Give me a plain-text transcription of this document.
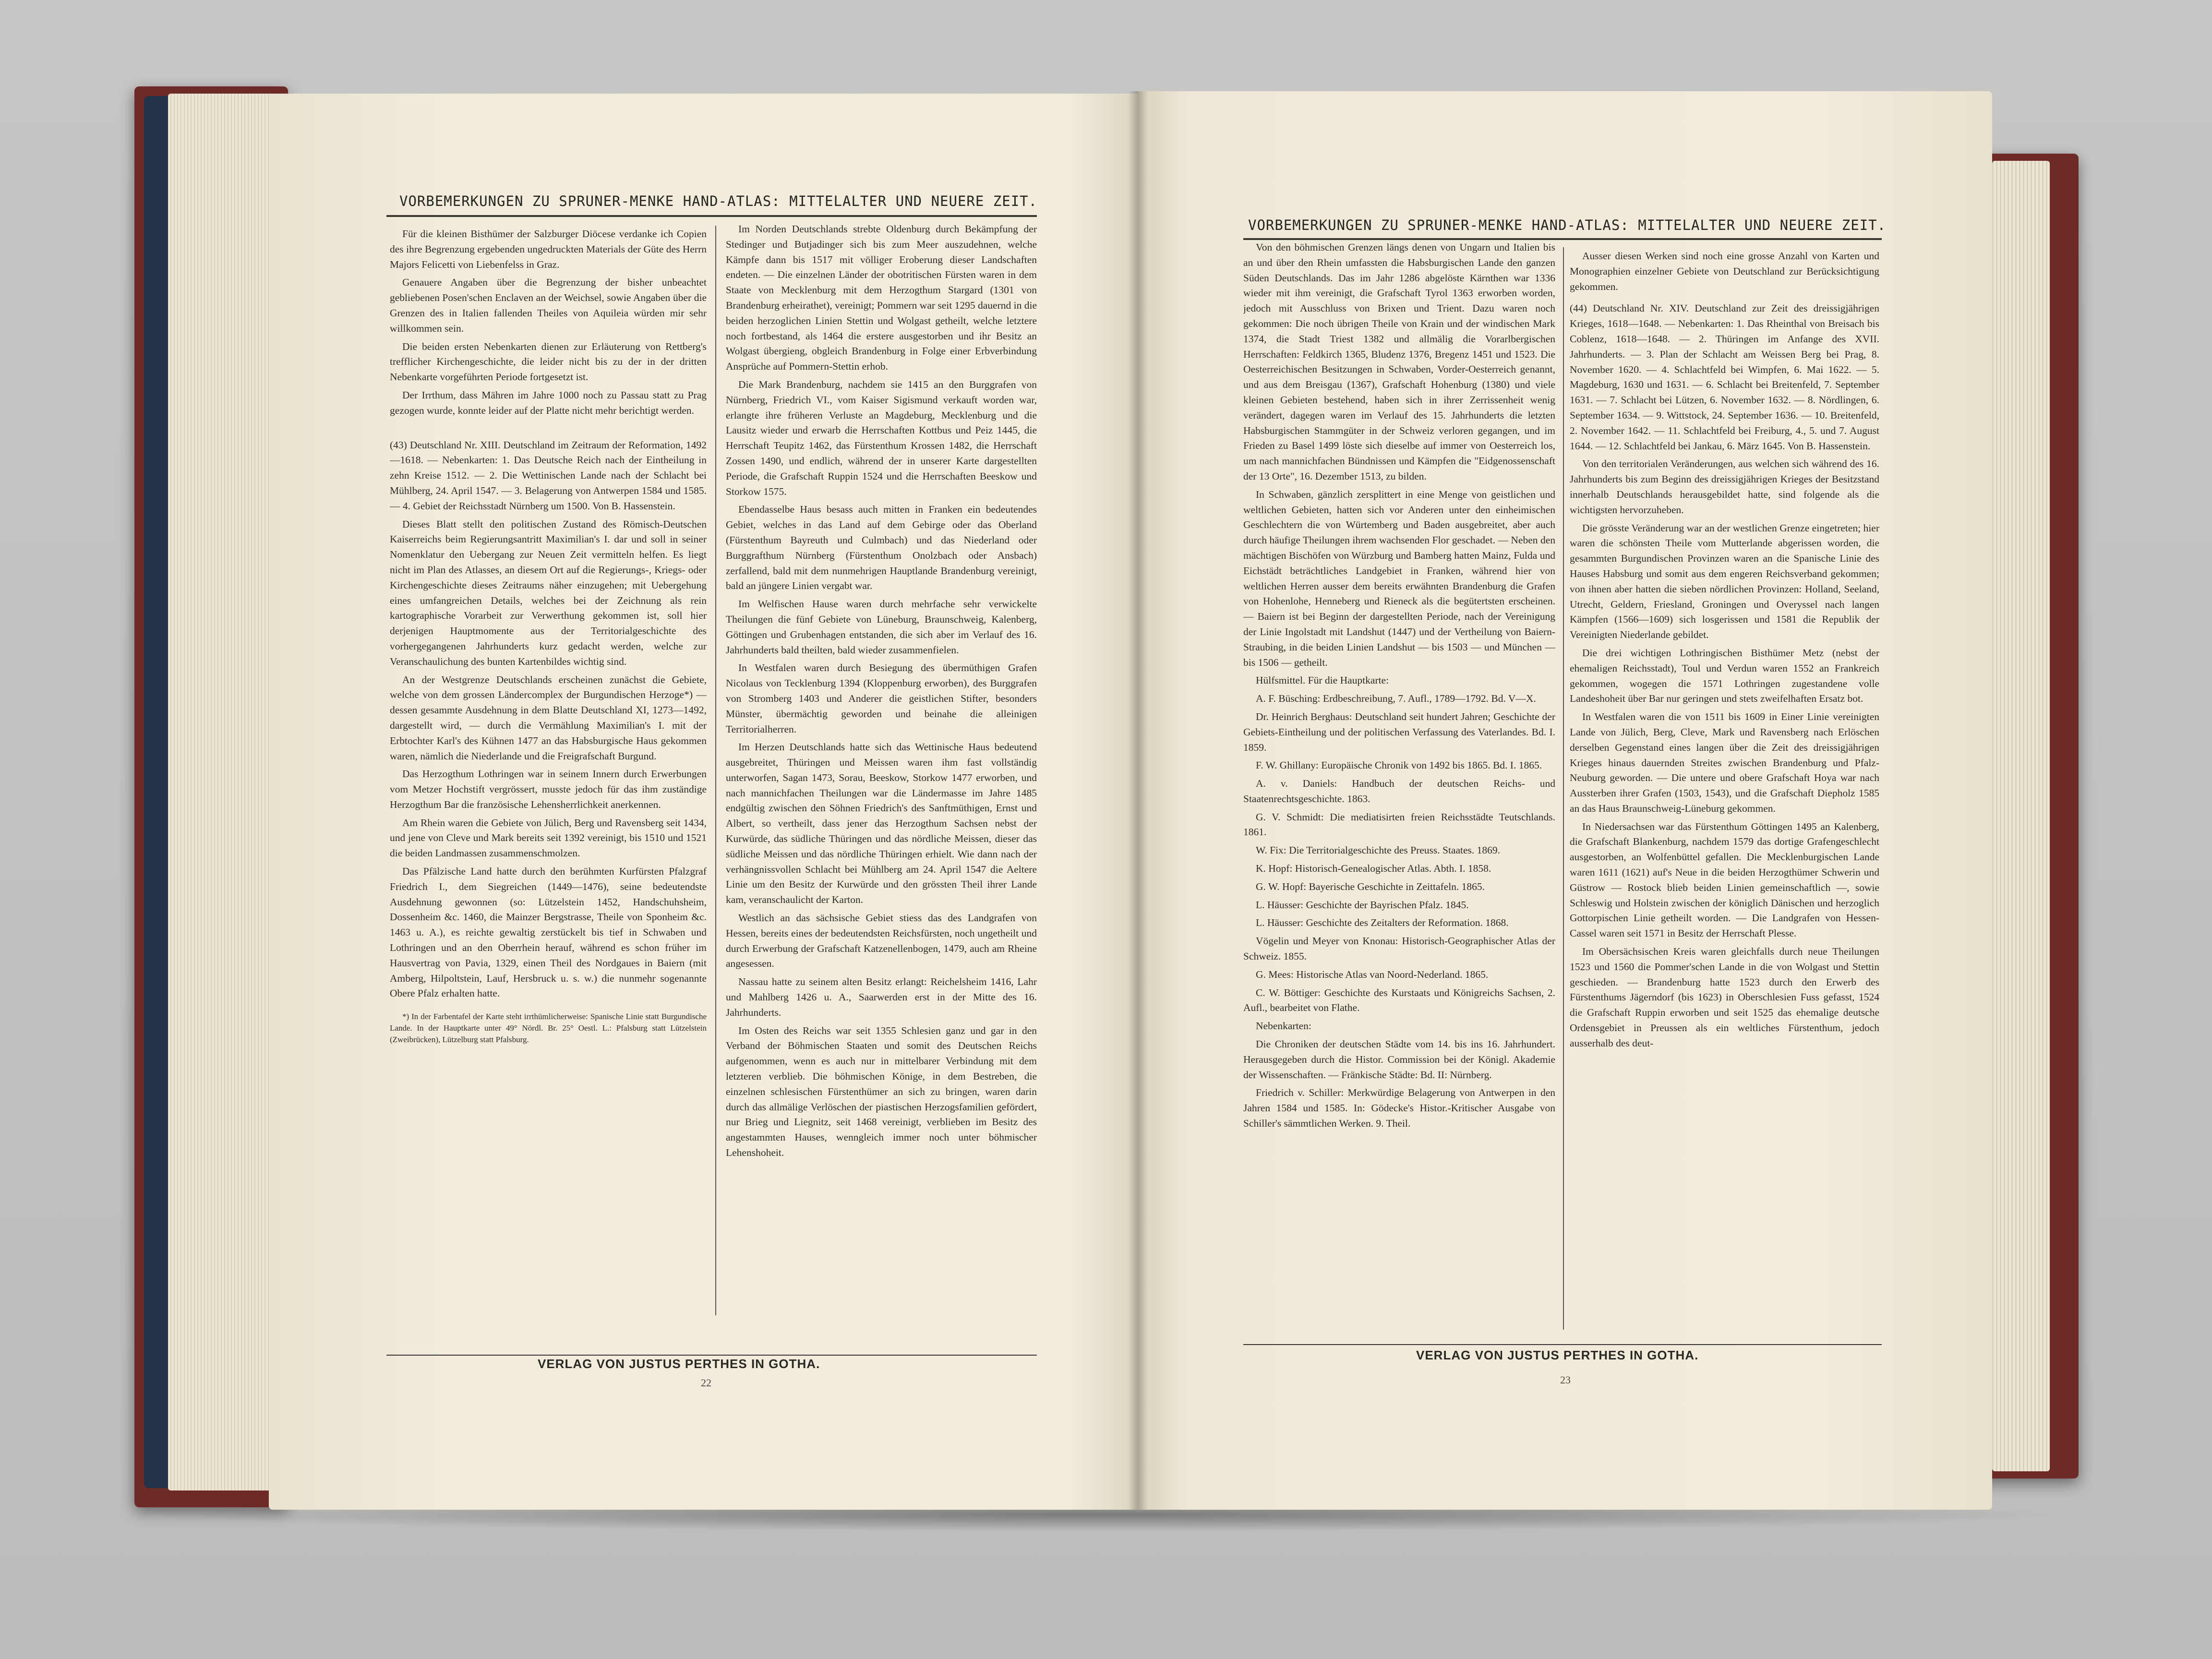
VORBEMERKUNGEN ZU SPRUNER-MENKE HAND-ATLAS: MITTELALTER UND NEUERE ZEIT.

Für die kleinen Bisthümer der Salzburger Diöcese verdanke ich Copien des ihre Begrenzung ergebenden ungedruckten Materials der Güte des Herrn Majors Felicetti von Liebenfelss in Graz.

Genauere Angaben über die Begrenzung der bisher unbeachtet gebliebenen Posen'schen Enclaven an der Weichsel, sowie Angaben über die Grenzen des in Italien fallenden Theiles von Aquileia würden mir sehr willkommen sein.

Die beiden ersten Nebenkarten dienen zur Erläuterung von Rettberg's trefflicher Kirchengeschichte, die leider nicht bis zu der in der dritten Nebenkarte vorgeführten Periode fortgesetzt ist.

Der Irrthum, dass Mähren im Jahre 1000 noch zu Passau statt zu Prag gezogen wurde, konnte leider auf der Platte nicht mehr berichtigt werden.

(43) Deutschland Nr. XIII. Deutschland im Zeitraum der Reformation, 1492—1618. — Nebenkarten: 1. Das Deutsche Reich nach der Eintheilung in zehn Kreise 1512. — 2. Die Wettinischen Lande nach der Schlacht bei Mühlberg, 24. April 1547. — 3. Belagerung von Antwerpen 1584 und 1585. — 4. Gebiet der Reichsstadt Nürnberg um 1500. Von B. Hassenstein.

Dieses Blatt stellt den politischen Zustand des Römisch-Deutschen Kaiserreichs beim Regierungsantritt Maximilian's I. dar und soll in seiner Nomenklatur den Uebergang zur Neuen Zeit vermitteln helfen. Es liegt nicht im Plan des Atlasses, an diesem Ort auf die Regierungs-, Kriegs- oder Kirchengeschichte dieses Zeitraums näher einzugehen; mit Uebergehung eines umfangreichen Details, welches bei der Zeichnung als rein kartographische Vorarbeit zur Verwerthung gekommen ist, soll hier derjenigen Hauptmomente aus der Territorialgeschichte des vorhergegangenen Jahrhunderts kurz gedacht werden, welche zur Veranschaulichung des bunten Kartenbildes wichtig sind.

An der Westgrenze Deutschlands erscheinen zunächst die Gebiete, welche von dem grossen Ländercomplex der Burgundischen Herzoge*) — dessen gesammte Ausdehnung in dem Blatte Deutschland XI, 1273—1492, dargestellt wird, — durch die Vermählung Maximilian's I. mit der Erbtochter Karl's des Kühnen 1477 an das Habsburgische Haus gekommen waren, nämlich die Niederlande und die Freigrafschaft Burgund.

Das Herzogthum Lothringen war in seinem Innern durch Erwerbungen vom Metzer Hochstift vergrössert, musste jedoch für das ihm zuständige Herzogthum Bar die französische Lehensherrlichkeit anerkennen.

Am Rhein waren die Gebiete von Jülich, Berg und Ravensberg seit 1434, und jene von Cleve und Mark bereits seit 1392 vereinigt, bis 1510 und 1521 die beiden Landmassen zusammenschmolzen.

Das Pfälzische Land hatte durch den berühmten Kurfürsten Pfalzgraf Friedrich I., dem Siegreichen (1449—1476), seine bedeutendste Ausdehnung gewonnen (so: Lützelstein 1452, Handschuhsheim, Dossenheim &c. 1460, die Mainzer Bergstrasse, Theile von Sponheim &c. 1463 u. A.), es reichte gewaltig zerstückelt bis tief in Schwaben und Lothringen und an den Oberrhein herauf, während es schon früher im Hausvertrag von Pavia, 1329, einen Theil des Nordgaues in Baiern (mit Amberg, Hilpoltstein, Lauf, Hersbruck u. s. w.) die nunmehr sogenannte Obere Pfalz erhalten hatte.

*) In der Farbentafel der Karte steht irrthümlicherweise: Spanische Linie statt Burgundische Lande. In der Hauptkarte unter 49° Nördl. Br. 25° Oestl. L.: Pfalsburg statt Lützelstein (Zweibrücken), Lützelburg statt Pfalsburg.

Im Norden Deutschlands strebte Oldenburg durch Bekämpfung der Stedinger und Butjadinger sich bis zum Meer auszudehnen, welche Kämpfe dann bis 1517 mit völliger Eroberung dieser Landschaften endeten. — Die einzelnen Länder der obotritischen Fürsten waren in dem Staate von Mecklenburg mit dem Herzogthum Stargard (1301 von Brandenburg erheirathet), vereinigt; Pommern war seit 1295 dauernd in die beiden herzoglichen Linien Stettin und Wolgast getheilt, welche letztere noch fortbestand, als 1464 die erstere ausgestorben und ihr Besitz an Wolgast übergieng, obgleich Brandenburg in Folge einer Erbverbindung Ansprüche auf Pommern-Stettin erhob.

Die Mark Brandenburg, nachdem sie 1415 an den Burggrafen von Nürnberg, Friedrich VI., vom Kaiser Sigismund verkauft worden war, erlangte ihre früheren Verluste an Magdeburg, Mecklenburg und die Lausitz wieder und erwarb die Herrschaften Kottbus und Peiz 1445, die Herrschaft Teupitz 1462, das Fürstenthum Krossen 1482, die Herrschaft Zossen 1490, und endlich, während der in unserer Karte dargestellten Periode, die Grafschaft Ruppin 1524 und die Herrschaften Beeskow und Storkow 1575.

Ebendasselbe Haus besass auch mitten in Franken ein bedeutendes Gebiet, welches in das Land auf dem Gebirge oder das Oberland (Fürstenthum Bayreuth und Culmbach) und das Niederland oder Burggrafthum Nürnberg (Fürstenthum Onolzbach oder Ansbach) zerfallend, bald mit dem nunmehrigen Hauptlande Brandenburg vereinigt, bald an jüngere Linien vergabt war.

Im Welfischen Hause waren durch mehrfache sehr verwickelte Theilungen die fünf Gebiete von Lüneburg, Braunschweig, Kalenberg, Göttingen und Grubenhagen entstanden, die sich aber im Verlauf des 16. Jahrhunderts bald theilten, bald wieder zusammenfielen.

In Westfalen waren durch Besiegung des übermüthigen Grafen Nicolaus von Tecklenburg 1394 (Kloppenburg erworben), des Burggrafen von Stromberg 1403 und Anderer die geistlichen Stifter, besonders Münster, übermächtig geworden und beinahe die alleinigen Territorialherren.

Im Herzen Deutschlands hatte sich das Wettinische Haus bedeutend ausgebreitet, Thüringen und Meissen waren ihm fast vollständig unterworfen, Sagan 1473, Sorau, Beeskow, Storkow 1477 erworben, und nach mannichfachen Theilungen war die Ländermasse im Jahre 1485 endgültig zwischen den Söhnen Friedrich's des Sanftmüthigen, Ernst und Albert, so vertheilt, dass jener das Herzogthum Sachsen nebst der Kurwürde, das südliche Thüringen und das nördliche Meissen, dieser das südliche Meissen und das nördliche Thüringen erhielt. Wie dann nach der verhängnissvollen Schlacht bei Mühlberg am 24. April 1547 die Aeltere Linie um den Besitz der Kurwürde und den grössten Theil ihrer Lande kam, veranschaulicht der Karton.

Westlich an das sächsische Gebiet stiess das des Landgrafen von Hessen, bereits eines der bedeutendsten Reichsfürsten, noch ungetheilt und durch Erwerbung der Grafschaft Katzenellenbogen, 1479, auch am Rheine angesessen.

Nassau hatte zu seinem alten Besitz erlangt: Reichelsheim 1416, Lahr und Mahlberg 1426 u. A., Saarwerden erst in der Mitte des 16. Jahrhunderts.

Im Osten des Reichs war seit 1355 Schlesien ganz und gar in den Verband der Böhmischen Staaten und somit des Deutschen Reichs aufgenommen, wenn es auch nur in mittelbarer Verbindung mit dem letzteren verblieb. Die böhmischen Könige, in dem Bestreben, die einzelnen schlesischen Fürstenthümer an sich zu bringen, waren darin durch das allmälige Verlöschen der piastischen Herzogsfamilien gefördert, nur Brieg und Liegnitz, seit 1468 vereinigt, verblieben im Besitz des angestammten Hauses, wenngleich immer noch unter böhmischer Lehenshoheit.

VERLAG VON JUSTUS PERTHES IN GOTHA.
22
VORBEMERKUNGEN ZU SPRUNER-MENKE HAND-ATLAS: MITTELALTER UND NEUERE ZEIT.

Von den böhmischen Grenzen längs denen von Ungarn und Italien bis an und über den Rhein umfassten die Habsburgischen Lande den ganzen Süden Deutschlands. Das im Jahr 1286 abgelöste Kärnthen war 1336 wieder mit ihm vereinigt, die Grafschaft Tyrol 1363 erworben worden, jedoch mit Ausschluss von Brixen und Trient. Dazu waren noch gekommen: Die noch übrigen Theile von Krain und der windischen Mark 1374, die Stadt Triest 1382 und allmälig die Vorarlbergischen Herrschaften: Feldkirch 1365, Bludenz 1376, Bregenz 1451 und 1523. Die Oesterreichischen Besitzungen in Schwaben, Vorder-Oesterreich genannt, und aus dem Breisgau (1367), Grafschaft Hohenburg (1380) und viele kleinen Gebieten bestehend, haben sich in ihrer Zerrissenheit wenig verändert, dagegen waren im Verlauf des 15. Jahrhunderts die letzten Habsburgischen Stammgüter in der Schweiz verloren gegangen, und im Frieden zu Basel 1499 löste sich dieselbe auf immer von Oesterreich los, um nach mannichfachen Bündnissen und Kämpfen die "Eidgenossenschaft der 13 Orte", 16. Dezember 1513, zu bilden.

In Schwaben, gänzlich zersplittert in eine Menge von geistlichen und weltlichen Gebieten, hatten sich vor Anderen unter den einheimischen Geschlechtern die von Würtemberg und Baden ausgebreitet, aber auch durch häufige Theilungen ihrem wachsenden Flor geschadet. — Neben den mächtigen Bischöfen von Würzburg und Bamberg hatten Mainz, Fulda und Eichstädt beträchtliches Landgebiet in Franken, während hier von weltlichen Herren ausser dem bereits erwähnten Brandenburg die Grafen von Hohenlohe, Henneberg und Rieneck als die begütertsten erscheinen. — Baiern ist bei Beginn der dargestellten Periode, nach der Vereinigung der Linie Ingolstadt mit Landshut (1447) und der Vertheilung von Baiern-Straubing, in die beiden Linien Landshut — bis 1503 — und München — bis 1506 — getheilt.

Hülfsmittel. Für die Hauptkarte:

A. F. Büsching: Erdbeschreibung, 7. Aufl., 1789—1792. Bd. V—X.

Dr. Heinrich Berghaus: Deutschland seit hundert Jahren; Geschichte der Gebiets-Eintheilung und der politischen Verfassung des Vaterlandes. Bd. I. 1859.

F. W. Ghillany: Europäische Chronik von 1492 bis 1865. Bd. I. 1865.

A. v. Daniels: Handbuch der deutschen Reichs- und Staatenrechtsgeschichte. 1863.

G. V. Schmidt: Die mediatisirten freien Reichsstädte Teutschlands. 1861.

W. Fix: Die Territorialgeschichte des Preuss. Staates. 1869.

K. Hopf: Historisch-Genealogischer Atlas. Abth. I. 1858.

G. W. Hopf: Bayerische Geschichte in Zeittafeln. 1865.

L. Häusser: Geschichte der Bayrischen Pfalz. 1845.

L. Häusser: Geschichte des Zeitalters der Reformation. 1868.

Vögelin und Meyer von Knonau: Historisch-Geographischer Atlas der Schweiz. 1855.

G. Mees: Historische Atlas van Noord-Nederland. 1865.

C. W. Böttiger: Geschichte des Kurstaats und Königreichs Sachsen, 2. Aufl., bearbeitet von Flathe.

Nebenkarten:

Die Chroniken der deutschen Städte vom 14. bis ins 16. Jahrhundert. Herausgegeben durch die Histor. Commission bei der Königl. Akademie der Wissenschaften. — Fränkische Städte: Bd. II: Nürnberg.

Friedrich v. Schiller: Merkwürdige Belagerung von Antwerpen in den Jahren 1584 und 1585. In: Gödecke's Histor.-Kritischer Ausgabe von Schiller's sämmtlichen Werken. 9. Theil.

Ausser diesen Werken sind noch eine grosse Anzahl von Karten und Monographien einzelner Gebiete von Deutschland zur Berücksichtigung gekommen.

(44) Deutschland Nr. XIV. Deutschland zur Zeit des dreissigjährigen Krieges, 1618—1648. — Nebenkarten: 1. Das Rheinthal von Breisach bis Coblenz, 1618—1648. — 2. Thüringen im Anfange des XVII. Jahrhunderts. — 3. Plan der Schlacht am Weissen Berg bei Prag, 8. November 1620. — 4. Schlachtfeld bei Wimpfen, 6. Mai 1622. — 5. Magdeburg, 1630 und 1631. — 6. Schlacht bei Breitenfeld, 7. September 1631. — 7. Schlacht bei Lützen, 6. November 1632. — 8. Nördlingen, 6. September 1634. — 9. Wittstock, 24. September 1636. — 10. Breitenfeld, 2. November 1642. — 11. Schlachtfeld bei Freiburg, 4., 5. und 7. August 1644. — 12. Schlachtfeld bei Jankau, 6. März 1645. Von B. Hassenstein.

Von den territorialen Veränderungen, aus welchen sich während des 16. Jahrhunderts bis zum Beginn des dreissigjährigen Krieges der Besitzstand innerhalb Deutschlands herausgebildet hatte, sind folgende als die wichtigsten hervorzuheben.

Die grösste Veränderung war an der westlichen Grenze eingetreten; hier waren die schönsten Theile vom Mutterlande abgerissen worden, die gesammten Burgundischen Provinzen waren an die Spanische Linie des Hauses Habsburg und somit aus dem engeren Reichsverband gekommen; von ihnen aber hatten die sieben nördlichen Provinzen: Holland, Seeland, Utrecht, Geldern, Friesland, Groningen und Overyssel nach langen Kämpfen (1566—1609) sich losgerissen und 1581 die Republik der Vereinigten Niederlande gebildet.

Die drei wichtigen Lothringischen Bisthümer Metz (nebst der ehemaligen Reichsstadt), Toul und Verdun waren 1552 an Frankreich gekommen, wogegen die 1571 Lothringen zugestandene volle Landeshoheit über Bar nur geringen und stets zweifelhaften Ersatz bot.

In Westfalen waren die von 1511 bis 1609 in Einer Linie vereinigten Lande von Jülich, Berg, Cleve, Mark und Ravensberg nach Erlöschen derselben Gegenstand eines langen über die Zeit des dreissigjährigen Krieges hinaus dauernden Streites zwischen Brandenburg und Pfalz-Neuburg geworden. — Die untere und obere Grafschaft Hoya war nach Aussterben ihrer Grafen (1503, 1543), und die Grafschaft Diepholz 1585 an das Haus Braunschweig-Lüneburg gekommen.

In Niedersachsen war das Fürstenthum Göttingen 1495 an Kalenberg, die Grafschaft Blankenburg, nachdem 1579 das dortige Grafengeschlecht ausgestorben, an Wolfenbüttel gefallen. Die Mecklenburgischen Lande waren 1611 (1621) auf's Neue in die beiden Herzogthümer Schwerin und Güstrow — Rostock blieb beiden Linien gemeinschaftlich —, sowie Schleswig und Holstein zwischen der königlich Dänischen und herzoglich Gottorpischen Linie getheilt worden. — Die Landgrafen von Hessen-Cassel waren seit 1571 in Besitz der Herrschaft Plesse.

Im Obersächsischen Kreis waren gleichfalls durch neue Theilungen 1523 und 1560 die Pommer'schen Lande in die von Wolgast und Stettin geschieden. — Brandenburg hatte 1523 durch den Erwerb des Fürstenthums Jägerndorf (bis 1623) in Oberschlesien Fuss gefasst, 1524 die Grafschaft Ruppin erworben und seit 1525 das ehemalige deutsche Ordensgebiet in Preussen als ein weltliches Fürstenthum, jedoch ausserhalb des deut-

VERLAG VON JUSTUS PERTHES IN GOTHA.
23
